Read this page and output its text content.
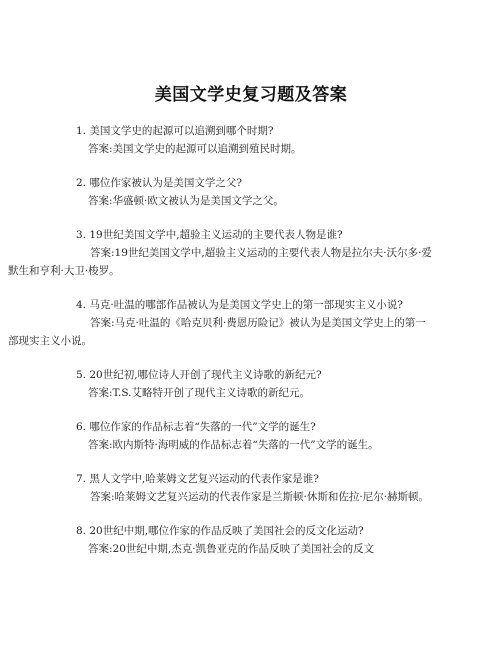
美国文学史复习题及答案
1. 美国文学史的起源可以追溯到哪个时期?
答案:美国文学史的起源可以追溯到殖民时期。
2. 哪位作家被认为是美国文学之父?
答案:华盛顿·欧文被认为是美国文学之父。
3. 19世纪美国文学中,超验主义运动的主要代表人物是谁?
答案:19世纪美国文学中,超验主义运动的主要代表人物是拉尔夫·沃尔多·爱默生和亨利·大卫·梭罗。
4. 马克·吐温的哪部作品被认为是美国文学史上的第一部现实主义小说?
答案:马克·吐温的《哈克贝利·费恩历险记》被认为是美国文学史上的第一部现实主义小说。
5. 20世纪初,哪位诗人开创了现代主义诗歌的新纪元?
答案:T.S.艾略特开创了现代主义诗歌的新纪元。
6. 哪位作家的作品标志着“失落的一代”文学的诞生?
答案:欧内斯特·海明威的作品标志着“失落的一代”文学的诞生。
7. 黑人文学中,哈莱姆文艺复兴运动的代表作家是谁?
答案:哈莱姆文艺复兴运动的代表作家是兰斯顿·休斯和佐拉·尼尔·赫斯顿。
8. 20世纪中期,哪位作家的作品反映了美国社会的反文化运动?
答案:20世纪中期,杰克·凯鲁亚克的作品反映了美国社会的反文
